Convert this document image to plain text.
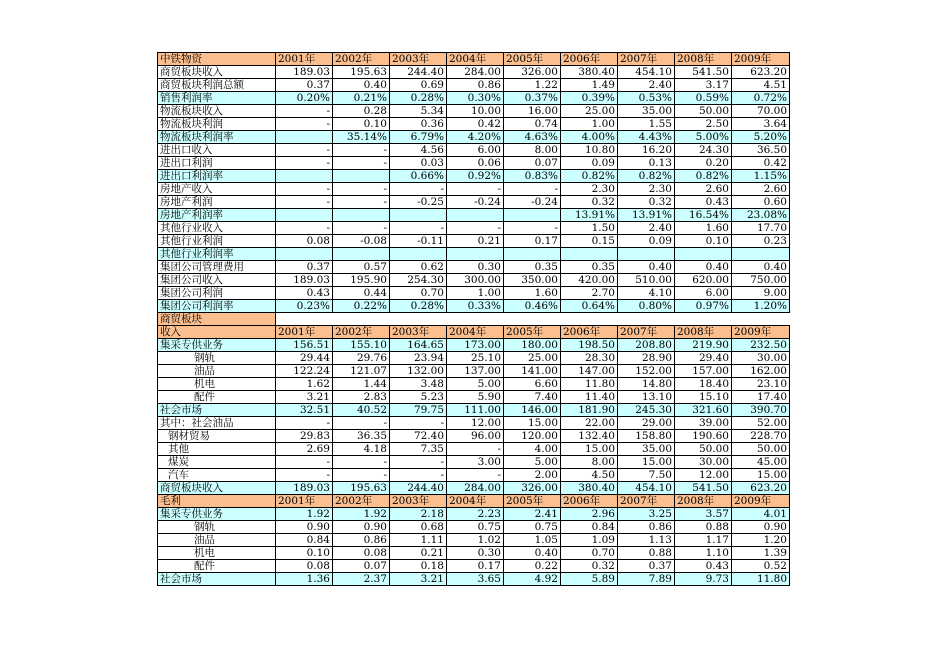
中铁物资	2001年	2002年	2003年	2004年	2005年	2006年	2007年	2008年	2009年
商贸板块收入	189.03	195.63	244.40	284.00	326.00	380.40	454.10	541.50	623.20
商贸板块利润总额	0.37	0.40	0.69	0.86	1.22	1.49	2.40	3.17	4.51
销售利润率	0.20%	0.21%	0.28%	0.30%	0.37%	0.39%	0.53%	0.59%	0.72%
物流板块收入	-	0.28	5.34	10.00	16.00	25.00	35.00	50.00	70.00
物流板块利润	-	0.10	0.36	0.42	0.74	1.00	1.55	2.50	3.64
物流板块利润率		35.14%	6.79%	4.20%	4.63%	4.00%	4.43%	5.00%	5.20%
进出口收入	-	-	4.56	6.00	8.00	10.80	16.20	24.30	36.50
进出口利润	-	-	0.03	0.06	0.07	0.09	0.13	0.20	0.42
进出口利润率			0.66%	0.92%	0.83%	0.82%	0.82%	0.82%	1.15%
房地产收入	-	-	-	-	-	2.30	2.30	2.60	2.60
房地产利润	-	-	-0.25	-0.24	-0.24	0.32	0.32	0.43	0.60
房地产利润率						13.91%	13.91%	16.54%	23.08%
其他行业收入	-	-	-	-	-	1.50	2.40	1.60	17.70
其他行业利润	0.08	-0.08	-0.11	0.21	0.17	0.15	0.09	0.10	0.23
其他行业利润率									
集团公司管理费用	0.37	0.57	0.62	0.30	0.35	0.35	0.40	0.40	0.40
集团公司收入	189.03	195.90	254.30	300.00	350.00	420.00	510.00	620.00	750.00
集团公司利润	0.43	0.44	0.70	1.00	1.60	2.70	4.10	6.00	9.00
集团公司利润率	0.23%	0.22%	0.28%	0.33%	0.46%	0.64%	0.80%	0.97%	1.20%
商贸板块									
收入	2001年	2002年	2003年	2004年	2005年	2006年	2007年	2008年	2009年
集采专供业务	156.51	155.10	164.65	173.00	180.00	198.50	208.80	219.90	232.50
钢轨	29.44	29.76	23.94	25.10	25.00	28.30	28.90	29.40	30.00
油品	122.24	121.07	132.00	137.00	141.00	147.00	152.00	157.00	162.00
机电	1.62	1.44	3.48	5.00	6.60	11.80	14.80	18.40	23.10
配件	3.21	2.83	5.23	5.90	7.40	11.40	13.10	15.10	17.40
社会市场	32.51	40.52	79.75	111.00	146.00	181.90	245.30	321.60	390.70
其中：社会油品	-	-	-	12.00	15.00	22.00	29.00	39.00	52.00
钢材贸易	29.83	36.35	72.40	96.00	120.00	132.40	158.80	190.60	228.70
其他	2.69	4.18	7.35	-	4.00	15.00	35.00	50.00	50.00
煤炭	-	-	-	3.00	5.00	8.00	15.00	30.00	45.00
汽车	-	-	-	-	2.00	4.50	7.50	12.00	15.00
商贸板块收入	189.03	195.63	244.40	284.00	326.00	380.40	454.10	541.50	623.20
毛利	2001年	2002年	2003年	2004年	2005年	2006年	2007年	2008年	2009年
集采专供业务	1.92	1.92	2.18	2.23	2.41	2.96	3.25	3.57	4.01
钢轨	0.90	0.90	0.68	0.75	0.75	0.84	0.86	0.88	0.90
油品	0.84	0.86	1.11	1.02	1.05	1.09	1.13	1.17	1.20
机电	0.10	0.08	0.21	0.30	0.40	0.70	0.88	1.10	1.39
配件	0.08	0.07	0.18	0.17	0.22	0.32	0.37	0.43	0.52
社会市场	1.36	2.37	3.21	3.65	4.92	5.89	7.89	9.73	11.80
